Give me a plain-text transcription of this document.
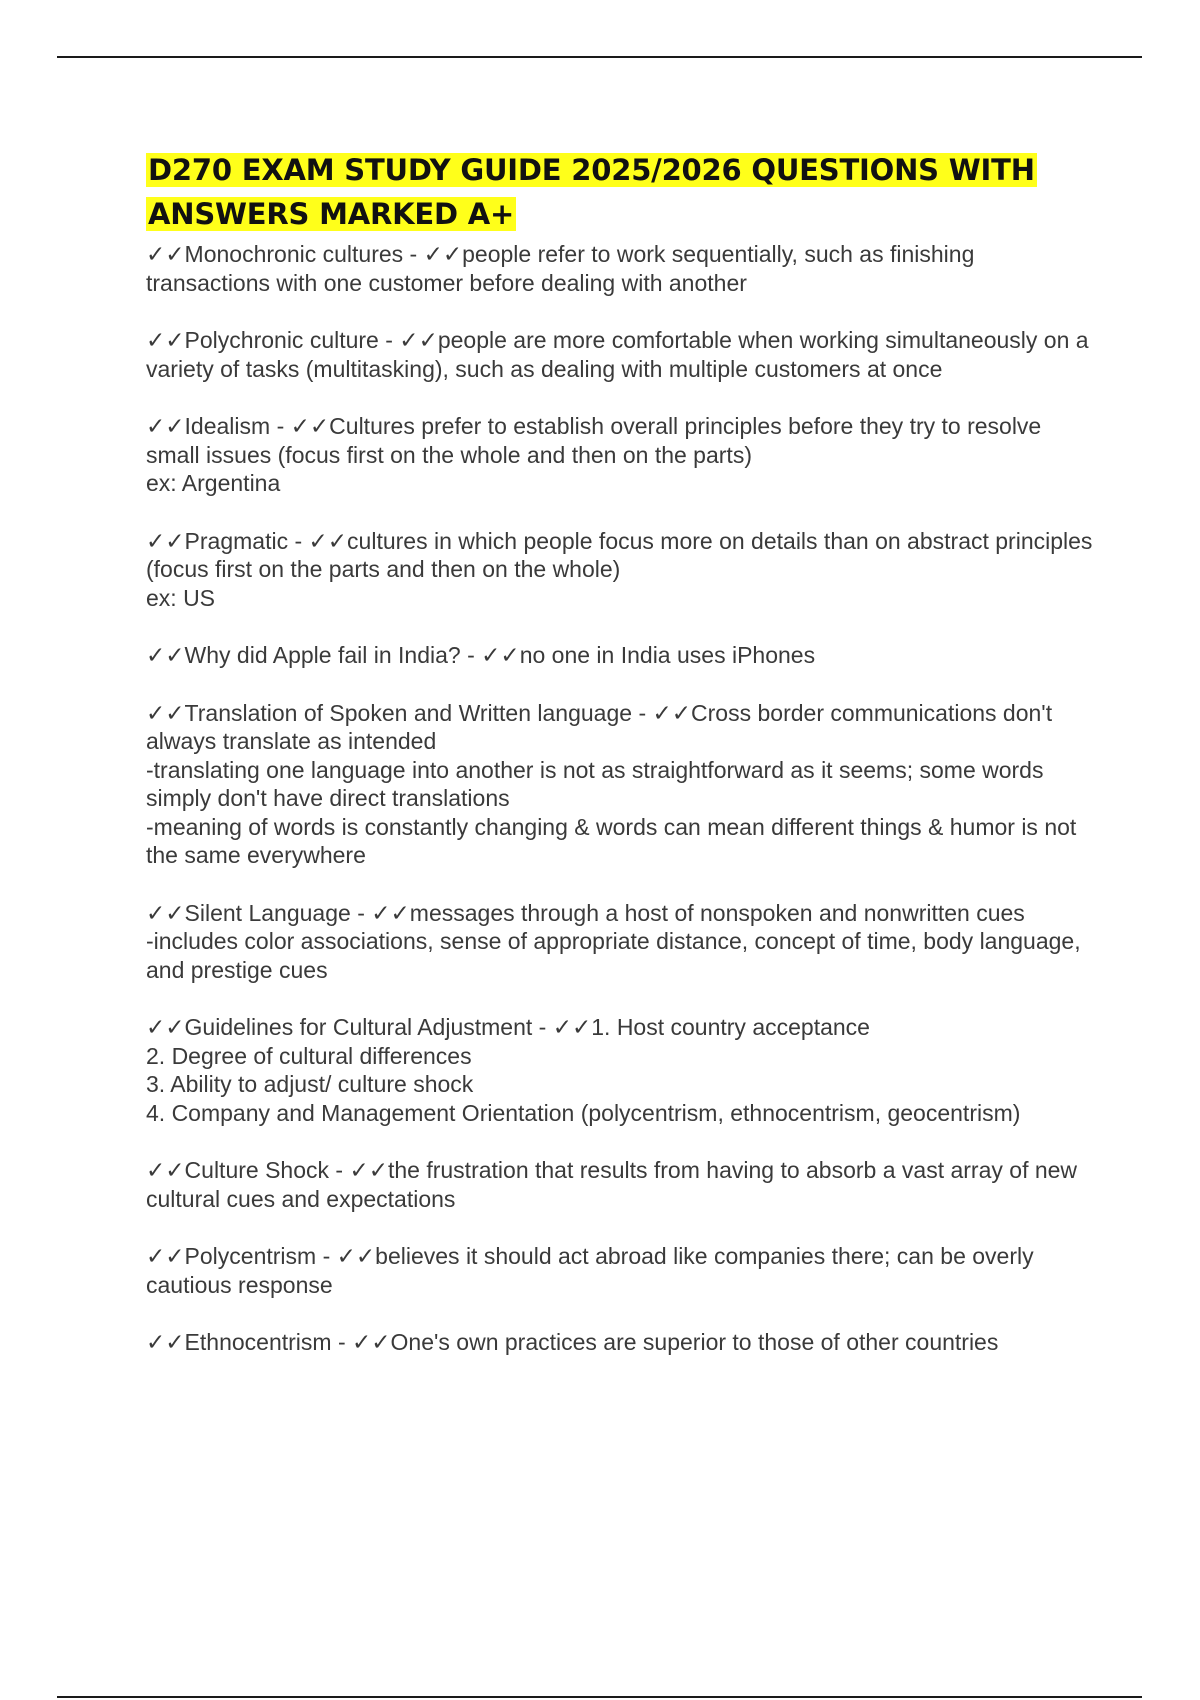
D270 EXAM STUDY GUIDE 2025/2026 QUESTIONS WITH ANSWERS MARKED A+
✓✓Monochronic cultures - ✓✓people refer to work sequentially, such as finishing transactions with one customer before dealing with another
✓✓Polychronic culture - ✓✓people are more comfortable when working simultaneously on a variety of tasks (multitasking), such as dealing with multiple customers at once
✓✓Idealism - ✓✓Cultures prefer to establish overall principles before they try to resolve small issues (focus first on the whole and then on the parts)
ex: Argentina
✓✓Pragmatic - ✓✓cultures in which people focus more on details than on abstract principles (focus first on the parts and then on the whole)
ex: US
✓✓Why did Apple fail in India? - ✓✓no one in India uses iPhones
✓✓Translation of Spoken and Written language - ✓✓Cross border communications don't always translate as intended
-translating one language into another is not as straightforward as it seems; some words simply don't have direct translations
-meaning of words is constantly changing & words can mean different things & humor is not the same everywhere
✓✓Silent Language - ✓✓messages through a host of nonspoken and nonwritten cues
-includes color associations, sense of appropriate distance, concept of time, body language, and prestige cues
✓✓Guidelines for Cultural Adjustment - ✓✓1. Host country acceptance
2. Degree of cultural differences
3. Ability to adjust/ culture shock
4. Company and Management Orientation (polycentrism, ethnocentrism, geocentrism)
✓✓Culture Shock - ✓✓the frustration that results from having to absorb a vast array of new cultural cues and expectations
✓✓Polycentrism - ✓✓believes it should act abroad like companies there; can be overly cautious response
✓✓Ethnocentrism - ✓✓One's own practices are superior to those of other countries
